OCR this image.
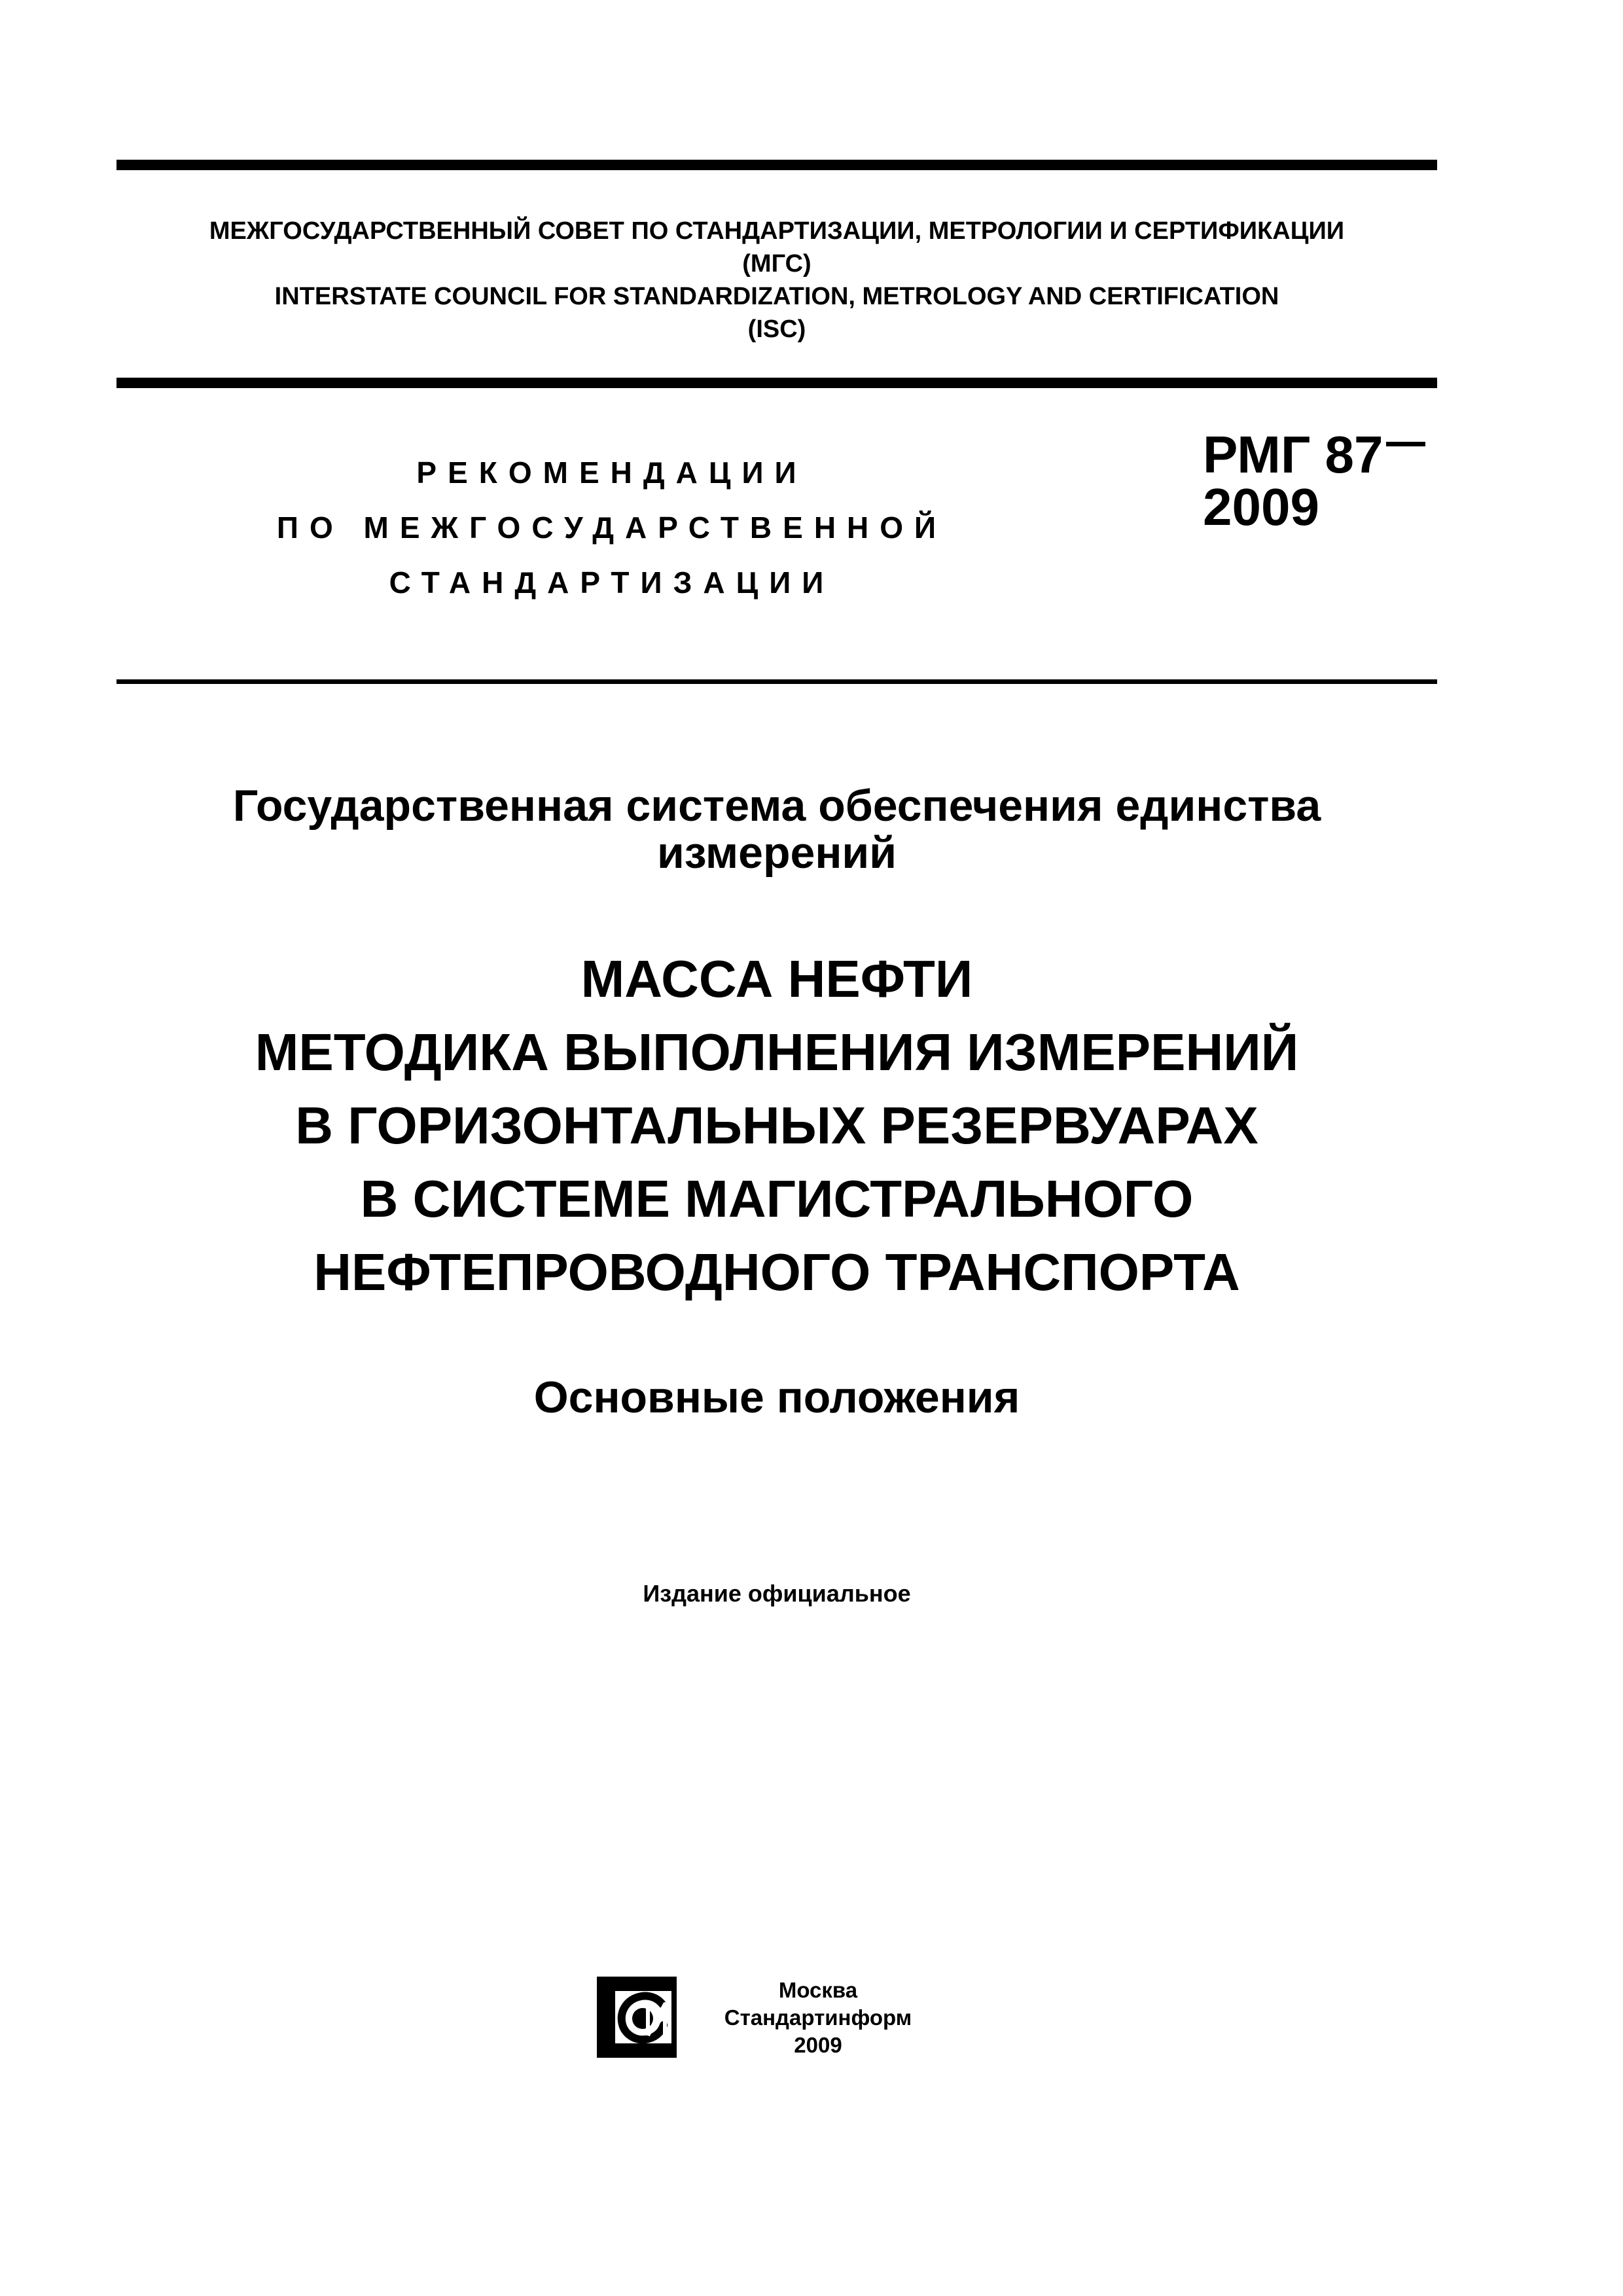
МЕЖГОСУДАРСТВЕННЫЙ СОВЕТ ПО СТАНДАРТИЗАЦИИ, МЕТРОЛОГИИ И СЕРТИФИКАЦИИ
(МГС)
INTERSTATE COUNCIL FOR STANDARDIZATION, METROLOGY AND CERTIFICATION
(ISC)
РЕКОМЕНДАЦИИ
ПО МЕЖГОСУДАРСТВЕННОЙ
СТАНДАРТИЗАЦИИ
РМГ 87
2009
Государственная система обеспечения единства
измерений
МАССА НЕФТИ
МЕТОДИКА ВЫПОЛНЕНИЯ ИЗМЕРЕНИЙ
В ГОРИЗОНТАЛЬНЫХ РЕЗЕРВУАРАХ
В СИСТЕМЕ МАГИСТРАЛЬНОГО
НЕФТЕПРОВОДНОГО ТРАНСПОРТА
Основные положения
Издание официальное
Москва
Стандартинформ
2009
